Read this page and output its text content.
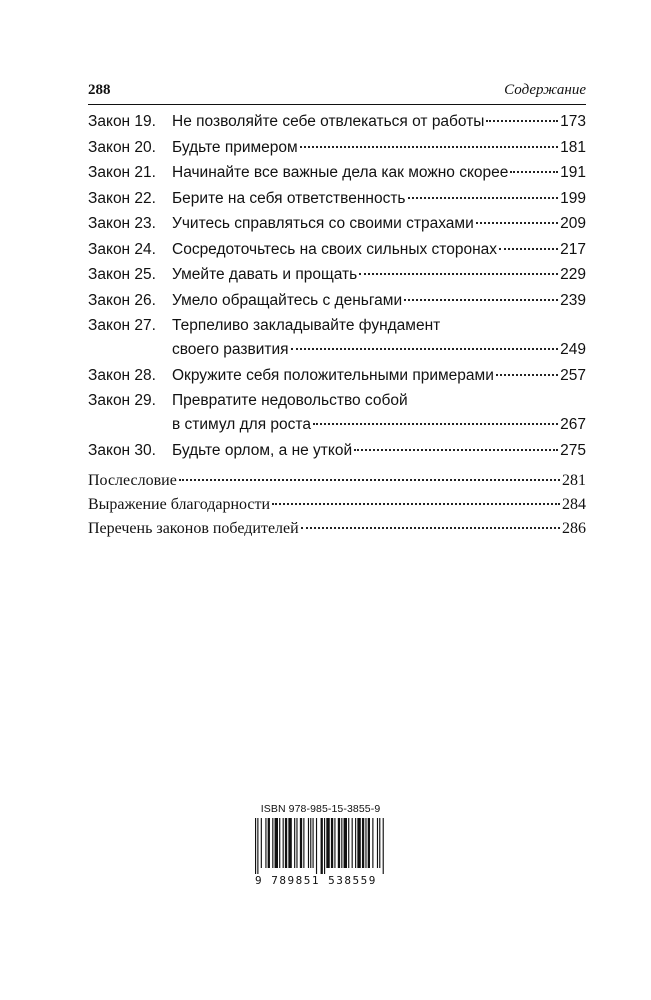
288	Содержание
Закон 19.	Не позволяйте себе отвлекаться от работы	173
Закон 20.	Будьте примером	181
Закон 21.	Начинайте все важные дела как можно скорее	191
Закон 22.	Берите на себя ответственность	199
Закон 23.	Учитесь справляться со своими страхами	209
Закон 24.	Сосредоточьтесь на своих сильных сторонах	217
Закон 25.	Умейте давать и прощать	229
Закон 26.	Умело обращайтесь с деньгами	239
Закон 27.	Терпеливо закладывайте фундамент
своего развития	249
Закон 28.	Окружите себя положительными примерами	257
Закон 29.	Превратите недовольство собой
в стимул для роста	267
Закон 30.	Будьте орлом, а не уткой	275
Послесловие	281
Выражение благодарности	284
Перечень законов победителей	286
ISBN 978-985-15-3855-9
9 789851 538559
